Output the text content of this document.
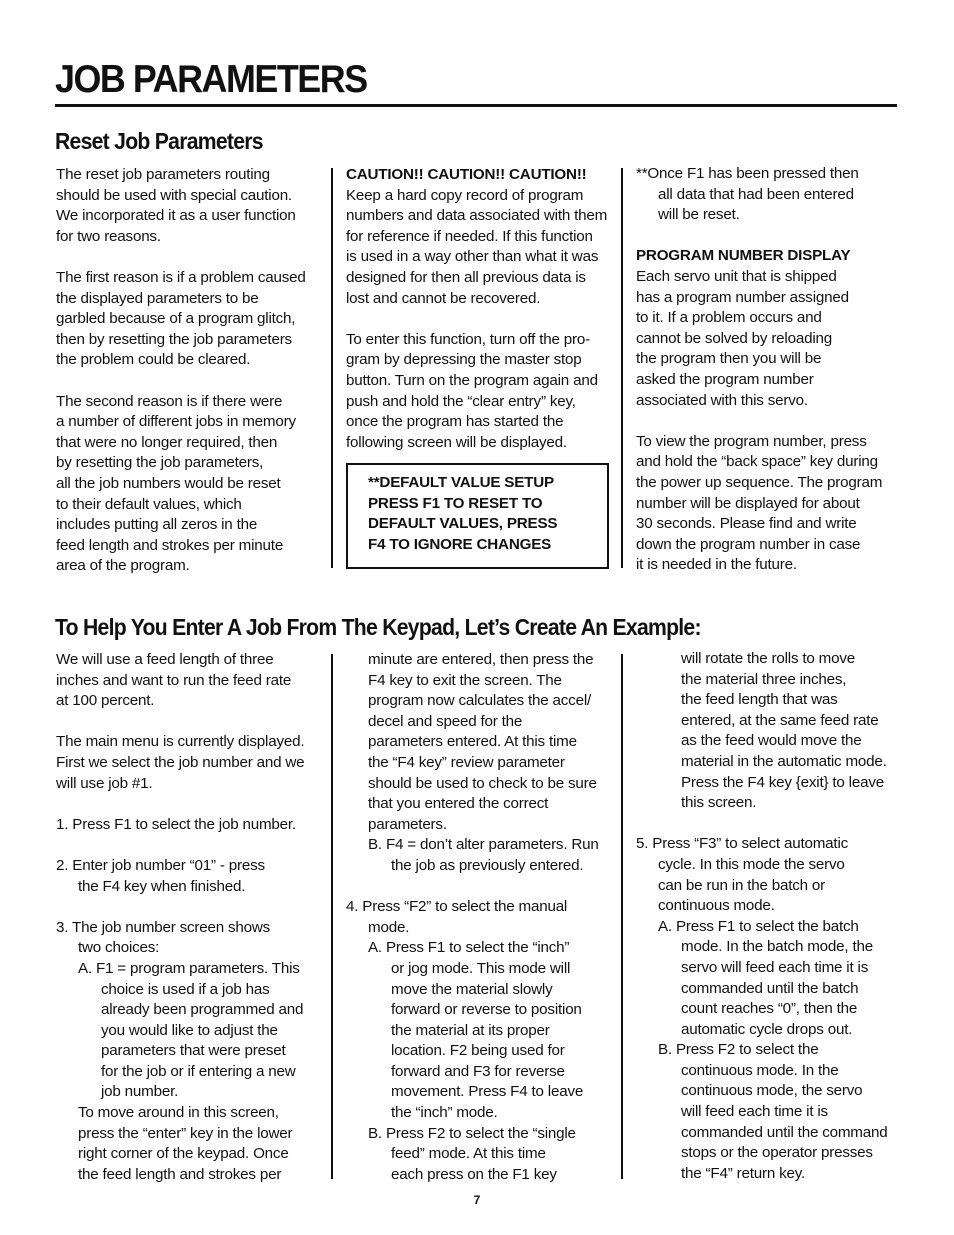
JOB PARAMETERS
Reset Job Parameters
The reset job parameters routing
should be used with special caution.
We incorporated it as a user function
for two reasons.
The first reason is if a problem caused
the displayed parameters to be
garbled because of a program glitch,
then by resetting the job parameters
the problem could be cleared.
The second reason is if there were
a number of different jobs in memory
that were no longer required, then
by resetting the job parameters,
all the job numbers would be reset
to their default values, which
includes putting all zeros in the
feed length and strokes per minute
area of the program.
CAUTION!! CAUTION!! CAUTION!!
Keep a hard copy record of program
numbers and data associated with them
for reference if needed. If this function
is used in a way other than what it was
designed for then all previous data is
lost and cannot be recovered.
To enter this function, turn off the pro-
gram by depressing the master stop
button. Turn on the program again and
push and hold the “clear entry” key,
once the program has started the
following screen will be displayed.
**DEFAULT VALUE SETUP
PRESS F1 TO RESET TO
DEFAULT VALUES, PRESS
F4 TO IGNORE CHANGES
**Once F1 has been pressed then
all data that had been entered
will be reset.
PROGRAM NUMBER DISPLAY
Each servo unit that is shipped
has a program number assigned
to it. If a problem occurs and
cannot be solved by reloading
the program then you will be
asked the program number
associated with this servo.
To view the program number, press
and hold the “back space” key during
the power up sequence. The program
number will be displayed for about
30 seconds. Please find and write
down the program number in case
it is needed in the future.
To Help You Enter A Job From The Keypad, Let’s Create An Example:
We will use a feed length of three
inches and want to run the feed rate
at 100 percent.
The main menu is currently displayed.
First we select the job number and we
will use job #1.
1. Press F1 to select the job number.
2. Enter job number “01” - press
the F4 key when finished.
3. The job number screen shows
two choices:
A. F1 = program parameters. This
choice is used if a job has
already been programmed and
you would like to adjust the
parameters that were preset
for the job or if entering a new
job number.
To move around in this screen,
press the “enter” key in the lower
right corner of the keypad. Once
the feed length and strokes per
minute are entered, then press the
F4 key to exit the screen. The
program now calculates the accel/
decel and speed for the
parameters entered. At this time
the “F4 key” review parameter
should be used to check to be sure
that you entered the correct
parameters.
B. F4 = don’t alter parameters. Run
the job as previously entered.
4. Press “F2” to select the manual
mode.
A. Press F1 to select the “inch”
or jog mode. This mode will
move the material slowly
forward or reverse to position
the material at its proper
location. F2 being used for
forward and F3 for reverse
movement. Press F4 to leave
the “inch” mode.
B. Press F2 to select the “single
feed” mode. At this time
each press on the F1 key
will rotate the rolls to move
the material three inches,
the feed length that was
entered, at the same feed rate
as the feed would move the
material in the automatic mode.
Press the F4 key {exit} to leave
this screen.
5. Press “F3” to select automatic
cycle. In this mode the servo
can be run in the batch or
continuous mode.
A. Press F1 to select the batch
mode. In the batch mode, the
servo will feed each time it is
commanded until the batch
count reaches “0”, then the
automatic cycle drops out.
B. Press F2 to select the
continuous mode. In the
continuous mode, the servo
will feed each time it is
commanded until the command
stops or the operator presses
the “F4” return key.
7
